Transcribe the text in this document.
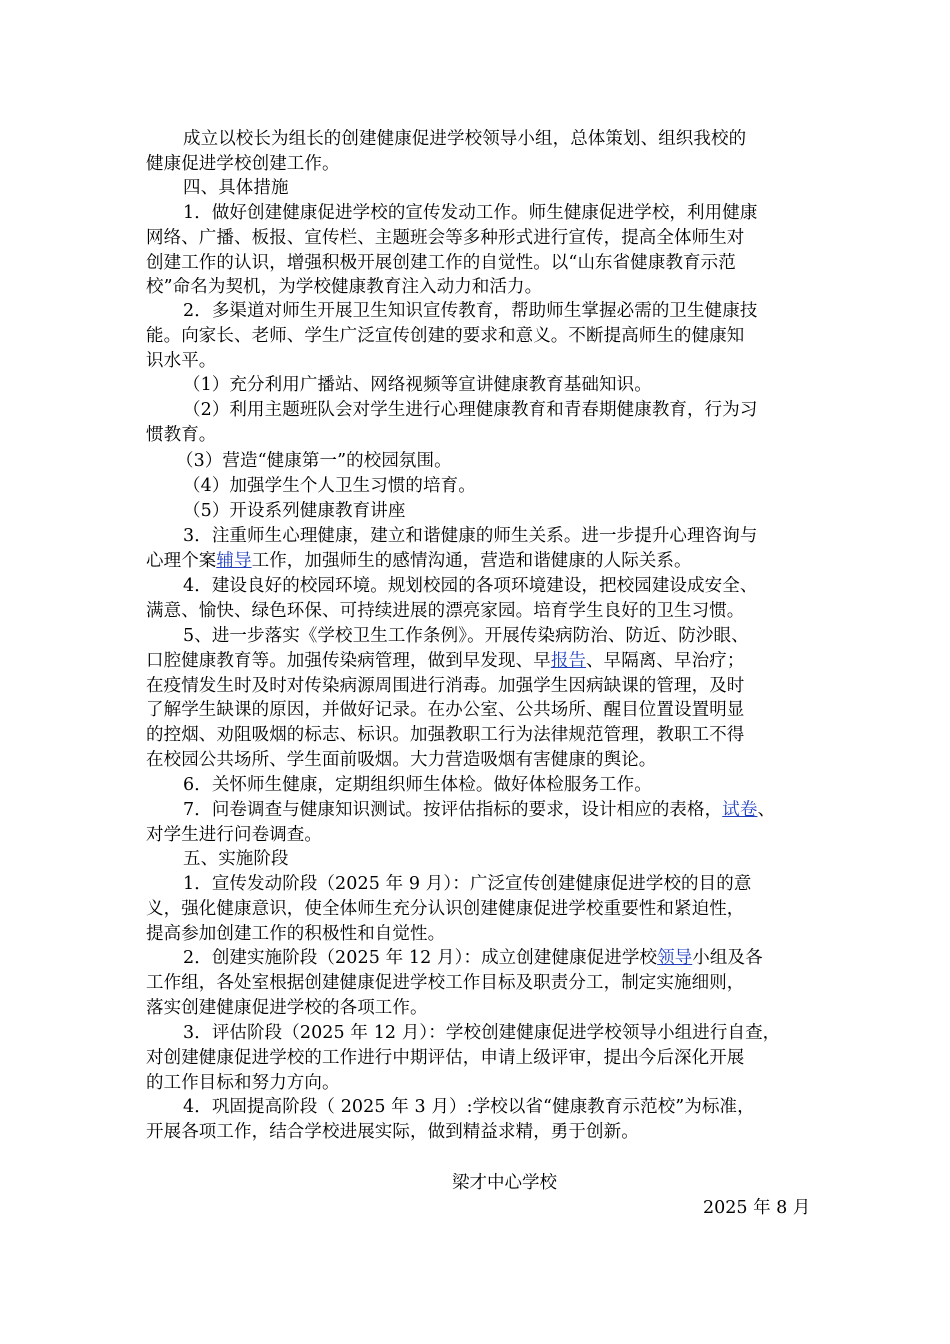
成立以校长为组长的创建健康促进学校领导小组，总体策划、组织我校的
健康促进学校创建工作。
四、具体措施
1．做好创建健康促进学校的宣传发动工作。师生健康促进学校，利用健康
网络、广播、板报、宣传栏、主题班会等多种形式进行宣传，提高全体师生对
创建工作的认识，增强积极开展创建工作的自觉性。以“山东省健康教育示范
校”命名为契机，为学校健康教育注入动力和活力。
2．多渠道对师生开展卫生知识宣传教育，帮助师生掌握必需的卫生健康技
能。向家长、老师、学生广泛宣传创建的要求和意义。不断提高师生的健康知
识水平。
（1）充分利用广播站、网络视频等宣讲健康教育基础知识。
（2）利用主题班队会对学生进行心理健康教育和青春期健康教育，行为习
惯教育。
（3）营造“健康第一”的校园氛围。
（4）加强学生个人卫生习惯的培育。
（5）开设系列健康教育讲座
3．注重师生心理健康，建立和谐健康的师生关系。进一步提升心理咨询与
心理个案辅导工作，加强师生的感情沟通，营造和谐健康的人际关系。
4．建设良好的校园环境。规划校园的各项环境建设，把校园建设成安全、
满意、愉快、绿色环保、可持续进展的漂亮家园。培育学生良好的卫生习惯。
5、进一步落实《学校卫生工作条例》。开展传染病防治、防近、防沙眼、
口腔健康教育等。加强传染病管理，做到早发现、早报告、早隔离、早治疗；
在疫情发生时及时对传染病源周围进行消毒。加强学生因病缺课的管理，及时
了解学生缺课的原因，并做好记录。在办公室、公共场所、醒目位置设置明显
的控烟、劝阻吸烟的标志、标识。加强教职工行为法律规范管理，教职工不得
在校园公共场所、学生面前吸烟。大力营造吸烟有害健康的舆论。
6．关怀师生健康，定期组织师生体检。做好体检服务工作。
7．问卷调查与健康知识测试。按评估指标的要求，设计相应的表格，试卷、
对学生进行问卷调查。
五、实施阶段
1．宣传发动阶段（2025 年 9 月）：广泛宣传创建健康促进学校的目的意
义，强化健康意识，使全体师生充分认识创建健康促进学校重要性和紧迫性，
提高参加创建工作的积极性和自觉性。
2．创建实施阶段（2025 年 12 月）：成立创建健康促进学校领导小组及各
工作组，各处室根据创建健康促进学校工作目标及职责分工，制定实施细则，
落实创建健康促进学校的各项工作。
3．评估阶段（2025 年 12 月）：学校创建健康促进学校领导小组进行自查，
对创建健康促进学校的工作进行中期评估，申请上级评审，提出今后深化开展
的工作目标和努力方向。
4．巩固提高阶段（ 2025 年 3 月）:学校以省“健康教育示范校”为标准，
开展各项工作，结合学校进展实际，做到精益求精，勇于创新。
梁才中心学校
2025 年 8 月
